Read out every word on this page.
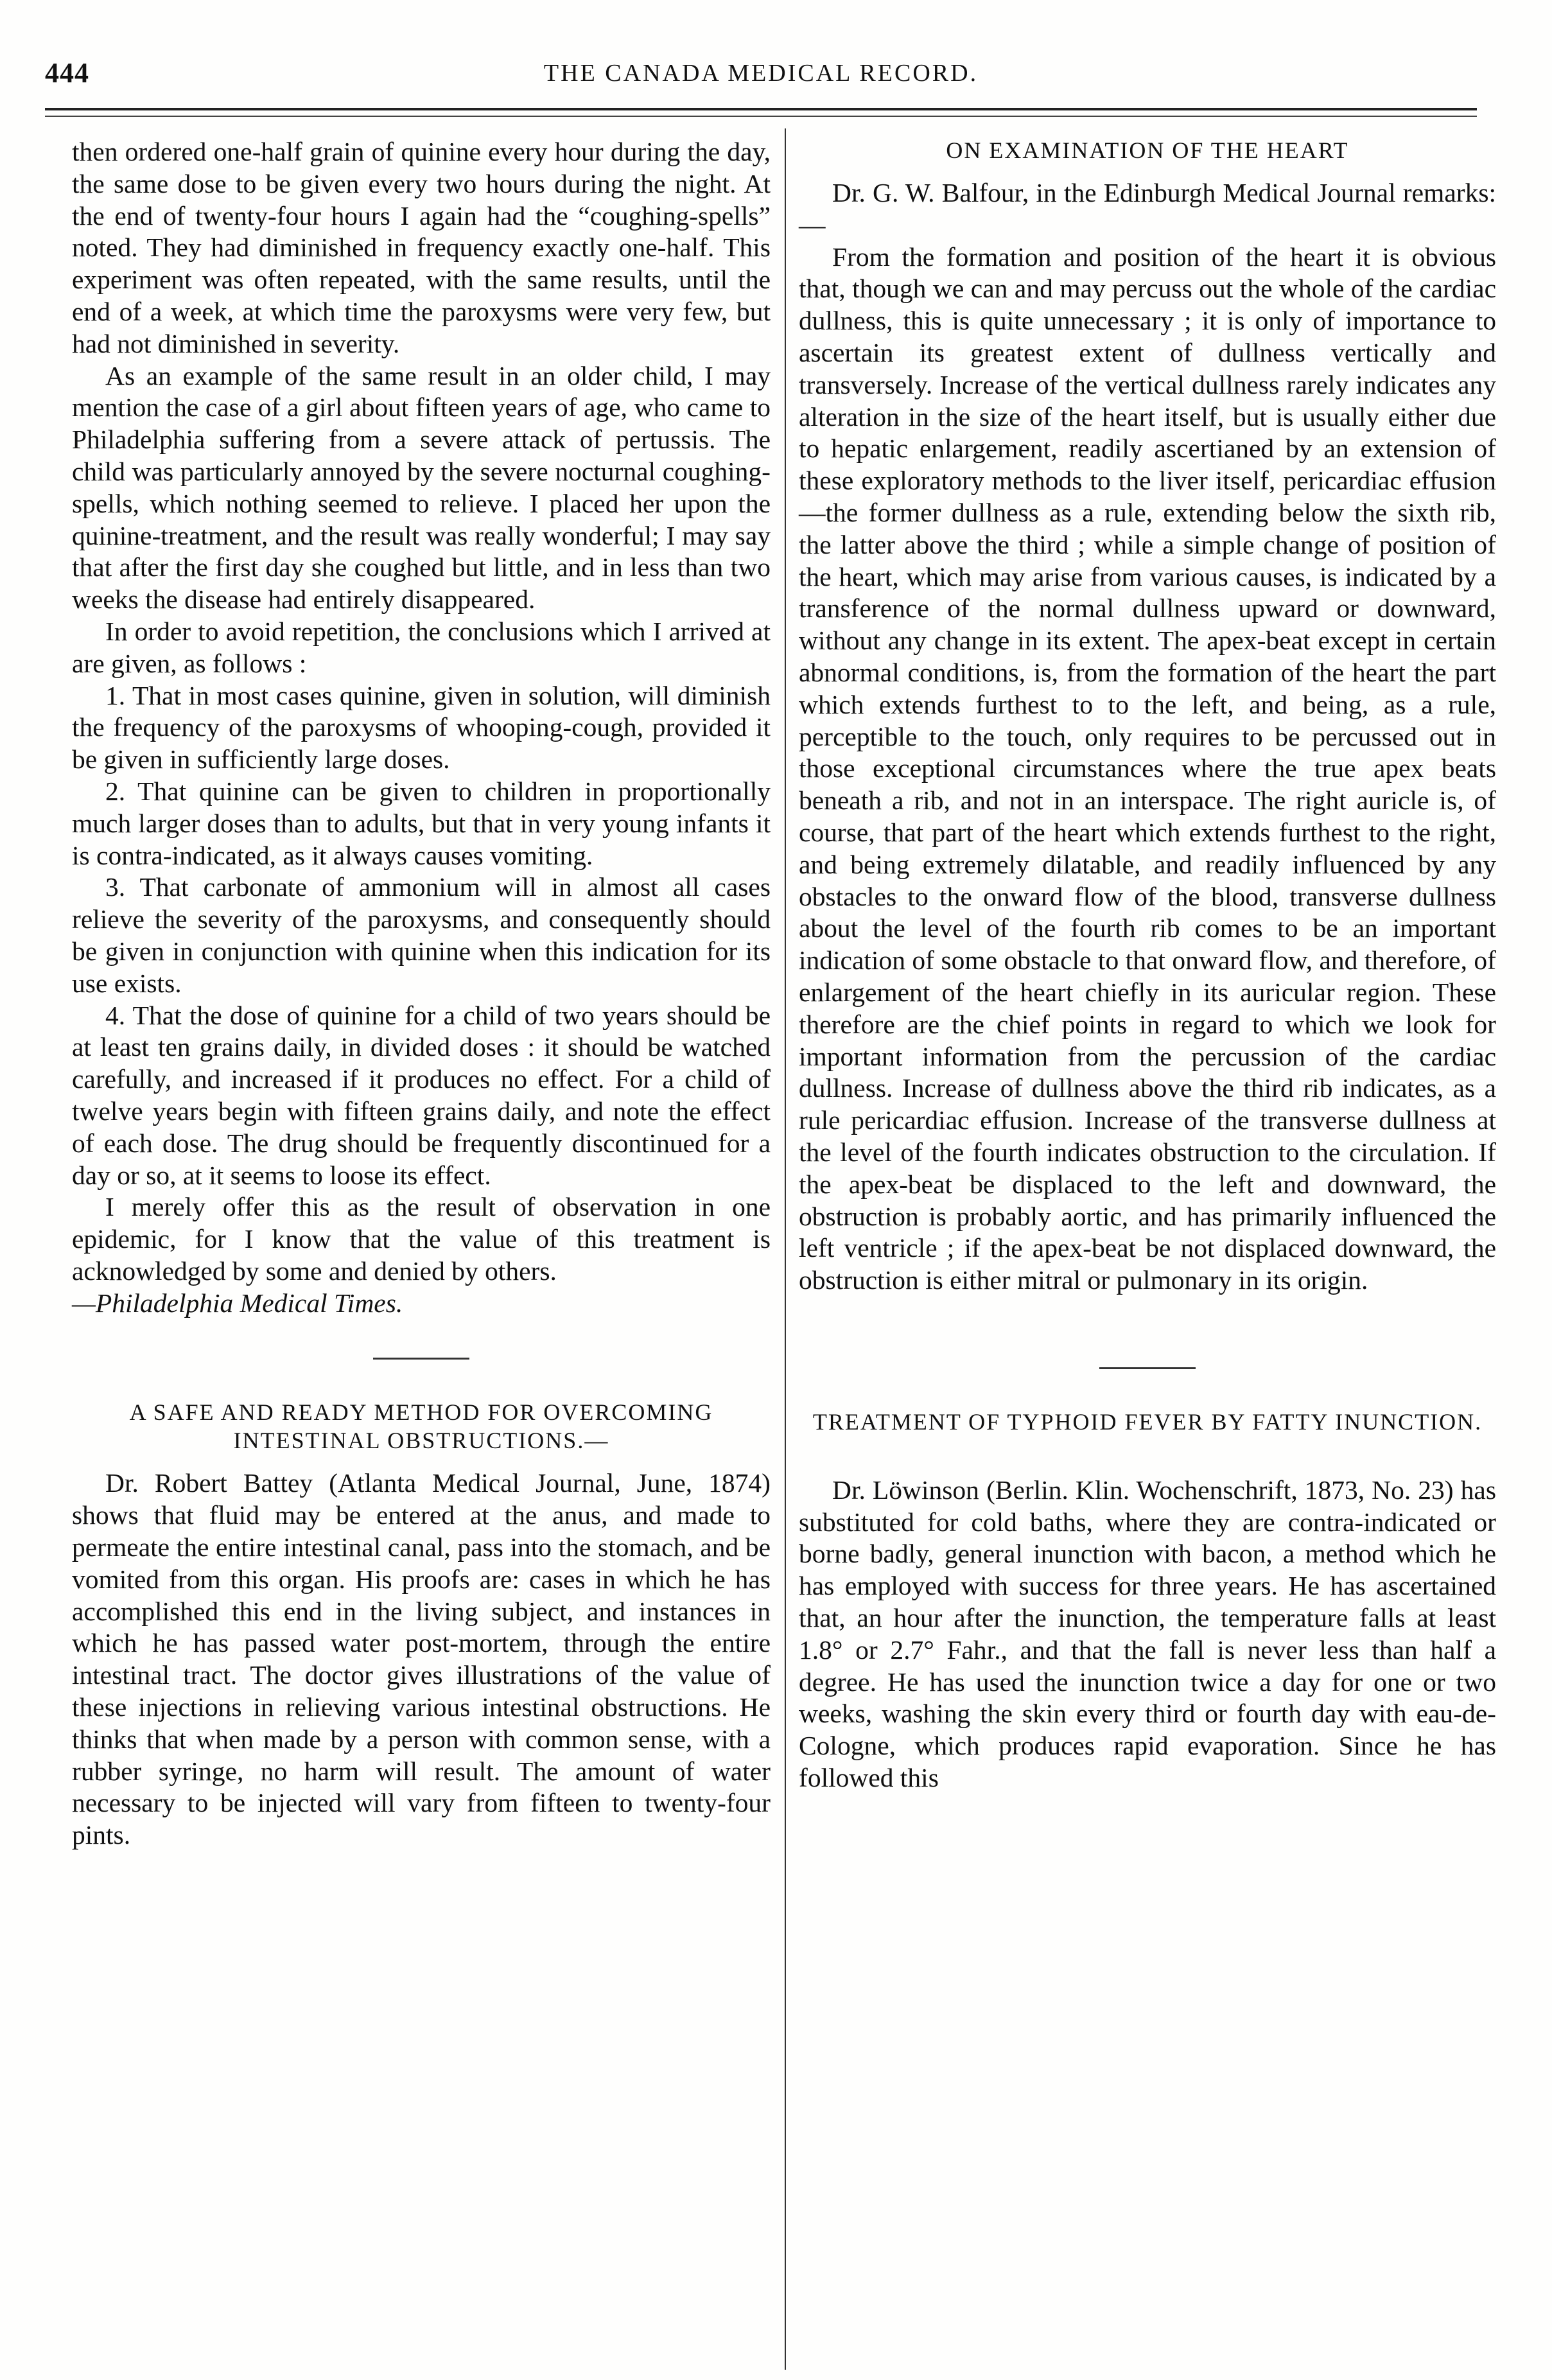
444	THE CANADA MEDICAL RECORD.

then ordered one-half grain of quinine every hour during the day, the same dose to be given every two hours during the night. At the end of twenty-four hours I again had the “coughing-spells” noted. They had diminished in frequency exactly one-half. This experiment was often repeated, with the same results, until the end of a week, at which time the paroxysms were very few, but had not diminished in severity.

As an example of the same result in an older child, I may mention the case of a girl about fifteen years of age, who came to Philadelphia suffering from a severe attack of pertussis. The child was particularly annoyed by the severe nocturnal coughing-spells, which nothing seemed to relieve. I placed her upon the quinine-treatment, and the result was really wonderful; I may say that after the first day she coughed but little, and in less than two weeks the disease had entirely disappeared.

In order to avoid repetition, the conclusions which I arrived at are given, as follows :

1. That in most cases quinine, given in solution, will diminish the frequency of the paroxysms of whooping-cough, provided it be given in sufficiently large doses.

2. That quinine can be given to children in proportionally much larger doses than to adults, but that in very young infants it is contra-indicated, as it always causes vomiting.

3. That carbonate of ammonium will in almost all cases relieve the severity of the paroxysms, and consequently should be given in conjunction with quinine when this indication for its use exists.

4. That the dose of quinine for a child of two years should be at least ten grains daily, in divided doses : it should be watched carefully, and increased if it produces no effect. For a child of twelve years begin with fifteen grains daily, and note the effect of each dose. The drug should be frequently discontinued for a day or so, at it seems to loose its effect.

I merely offer this as the result of observation in one epidemic, for I know that the value of this treatment is acknowledged by some and denied by others.

—Philadelphia Medical Times.

A SAFE AND READY METHOD FOR OVERCOMING INTESTINAL OBSTRUCTIONS.—

Dr. Robert Battey (Atlanta Medical Journal, June, 1874) shows that fluid may be entered at the anus, and made to permeate the entire intestinal canal, pass into the stomach, and be vomited from this organ. His proofs are: cases in which he has accomplished this end in the living subject, and instances in which he has passed water post-mortem, through the entire intestinal tract. The doctor gives illustrations of the value of these injections in relieving various intestinal obstructions. He thinks that when made by a person with common sense, with a rubber syringe, no harm will result. The amount of water necessary to be injected will vary from fifteen to twenty-four pints.

ON EXAMINATION OF THE HEART

Dr. G. W. Balfour, in the Edinburgh Medical Journal remarks:—

From the formation and position of the heart it is obvious that, though we can and may percuss out the whole of the cardiac dullness, this is quite unnecessary ; it is only of importance to ascertain its greatest extent of dullness vertically and transversely. Increase of the vertical dullness rarely indicates any alteration in the size of the heart itself, but is usually either due to hepatic enlargement, readily ascertianed by an extension of these exploratory methods to the liver itself, pericardiac effusion—the former dullness as a rule, extending below the sixth rib, the latter above the third ; while a simple change of position of the heart, which may arise from various causes, is indicated by a transference of the normal dullness upward or downward, without any change in its extent. The apex-beat except in certain abnormal conditions, is, from the formation of the heart the part which extends furthest to to the left, and being, as a rule, perceptible to the touch, only requires to be percussed out in those exceptional circumstances where the true apex beats beneath a rib, and not in an interspace. The right auricle is, of course, that part of the heart which extends furthest to the right, and being extremely dilatable, and readily influenced by any obstacles to the onward flow of the blood, transverse dullness about the level of the fourth rib comes to be an important indication of some obstacle to that onward flow, and therefore, of enlargement of the heart chiefly in its auricular region. These therefore are the chief points in regard to which we look for important information from the percussion of the cardiac dullness. Increase of dullness above the third rib indicates, as a rule pericardiac effusion. Increase of the transverse dullness at the level of the fourth indicates obstruction to the circulation. If the apex-beat be displaced to the left and downward, the obstruction is probably aortic, and has primarily influenced the left ventricle ; if the apex-beat be not displaced downward, the obstruction is either mitral or pulmonary in its origin.

TREATMENT OF TYPHOID FEVER BY FATTY INUNCTION.

Dr. Löwinson (Berlin. Klin. Wochenschrift, 1873, No. 23) has substituted for cold baths, where they are contra-indicated or borne badly, general inunction with bacon, a method which he has employed with success for three years. He has ascertained that, an hour after the inunction, the temperature falls at least 1.8° or 2.7° Fahr., and that the fall is never less than half a degree. He has used the inunction twice a day for one or two weeks, washing the skin every third or fourth day with eau-de-Cologne, which produces rapid evaporation. Since he has followed this
